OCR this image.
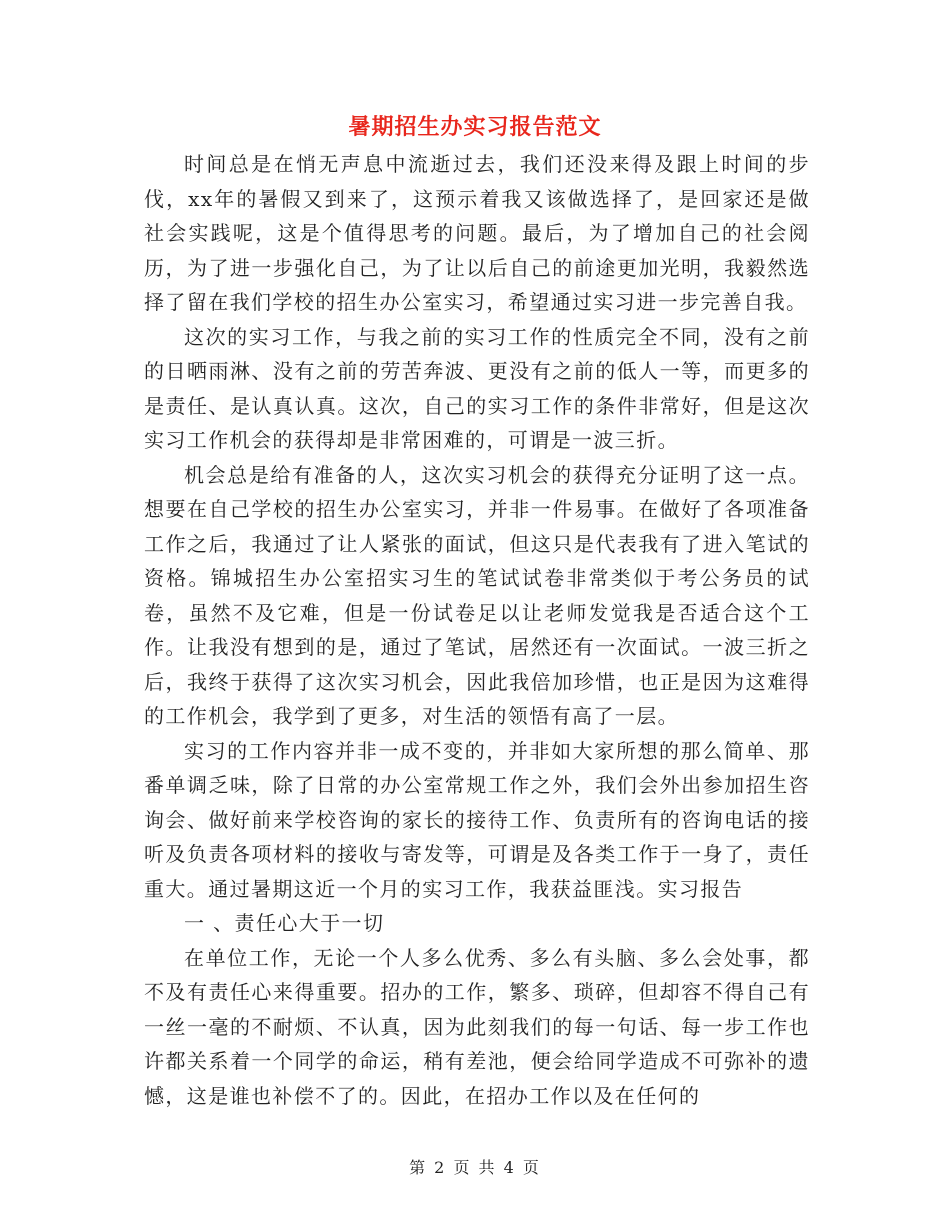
暑期招生办实习报告范文

时间总是在悄无声息中流逝过去，我们还没来得及跟上时间的步伐，xx年的暑假又到来了，这预示着我又该做选择了，是回家还是做社会实践呢，这是个值得思考的问题。最后，为了增加自己的社会阅历，为了进一步强化自己，为了让以后自己的前途更加光明，我毅然选择了留在我们学校的招生办公室实习，希望通过实习进一步完善自我。

这次的实习工作，与我之前的实习工作的性质完全不同，没有之前的日晒雨淋、没有之前的劳苦奔波、更没有之前的低人一等，而更多的是责任、是认真认真。这次，自己的实习工作的条件非常好，但是这次实习工作机会的获得却是非常困难的，可谓是一波三折。

机会总是给有准备的人，这次实习机会的获得充分证明了这一点。想要在自己学校的招生办公室实习，并非一件易事。在做好了各项准备工作之后，我通过了让人紧张的面试，但这只是代表我有了进入笔试的资格。锦城招生办公室招实习生的笔试试卷非常类似于考公务员的试卷，虽然不及它难，但是一份试卷足以让老师发觉我是否适合这个工作。让我没有想到的是，通过了笔试，居然还有一次面试。一波三折之后，我终于获得了这次实习机会，因此我倍加珍惜，也正是因为这难得的工作机会，我学到了更多，对生活的领悟有高了一层。

实习的工作内容并非一成不变的，并非如大家所想的那么简单、那番单调乏味，除了日常的办公室常规工作之外，我们会外出参加招生咨询会、做好前来学校咨询的家长的接待工作、负责所有的咨询电话的接听及负责各项材料的接收与寄发等，可谓是及各类工作于一身了，责任重大。通过暑期这近一个月的实习工作，我获益匪浅。实习报告

一 、责任心大于一切

在单位工作，无论一个人多么优秀、多么有头脑、多么会处事，都不及有责任心来得重要。招办的工作，繁多、琐碎，但却容不得自己有一丝一毫的不耐烦、不认真，因为此刻我们的每一句话、每一步工作也许都关系着一个同学的命运，稍有差池，便会给同学造成不可弥补的遗憾，这是谁也补偿不了的。因此，在招办工作以及在任何的

第 2 页 共 4 页
